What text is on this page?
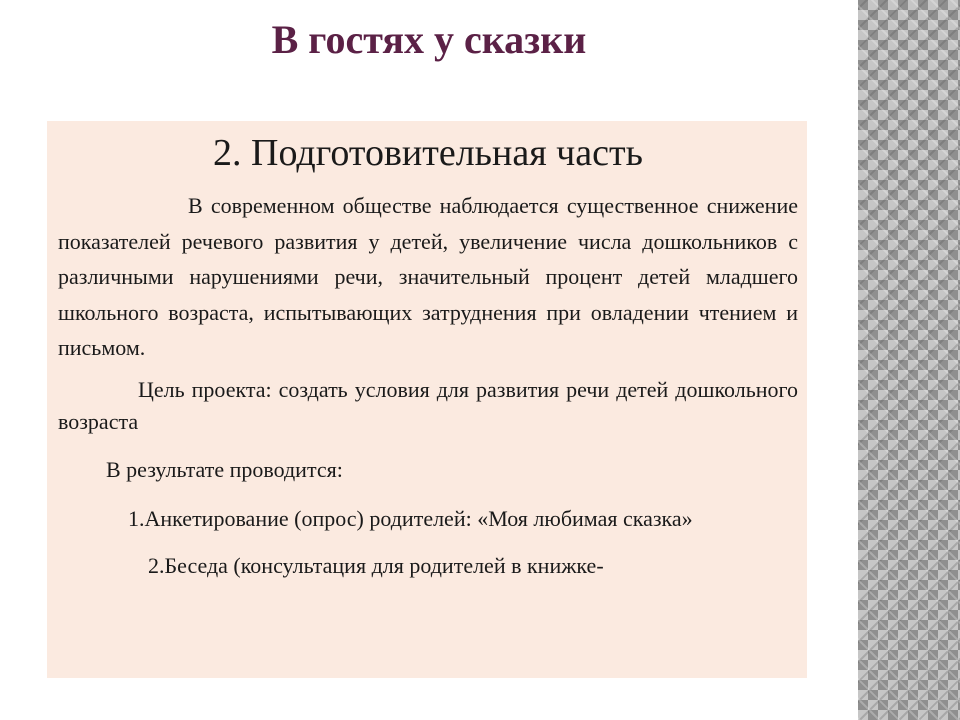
В гостях у сказки
2. Подготовительная часть

В современном обществе наблюдается существенное снижение показателей речевого развития у детей, увеличение числа дошкольников с различными нарушениями речи, значительный процент детей младшего школьного возраста, испытывающих затруднения при овладении чтением и письмом.

Цель проекта: создать условия для развития речи детей дошкольного возраста

В результате проводится:

1.Анкетирование (опрос) родителей: «Моя любимая сказка»

2.Беседа (консультация для родителей в книжке-
